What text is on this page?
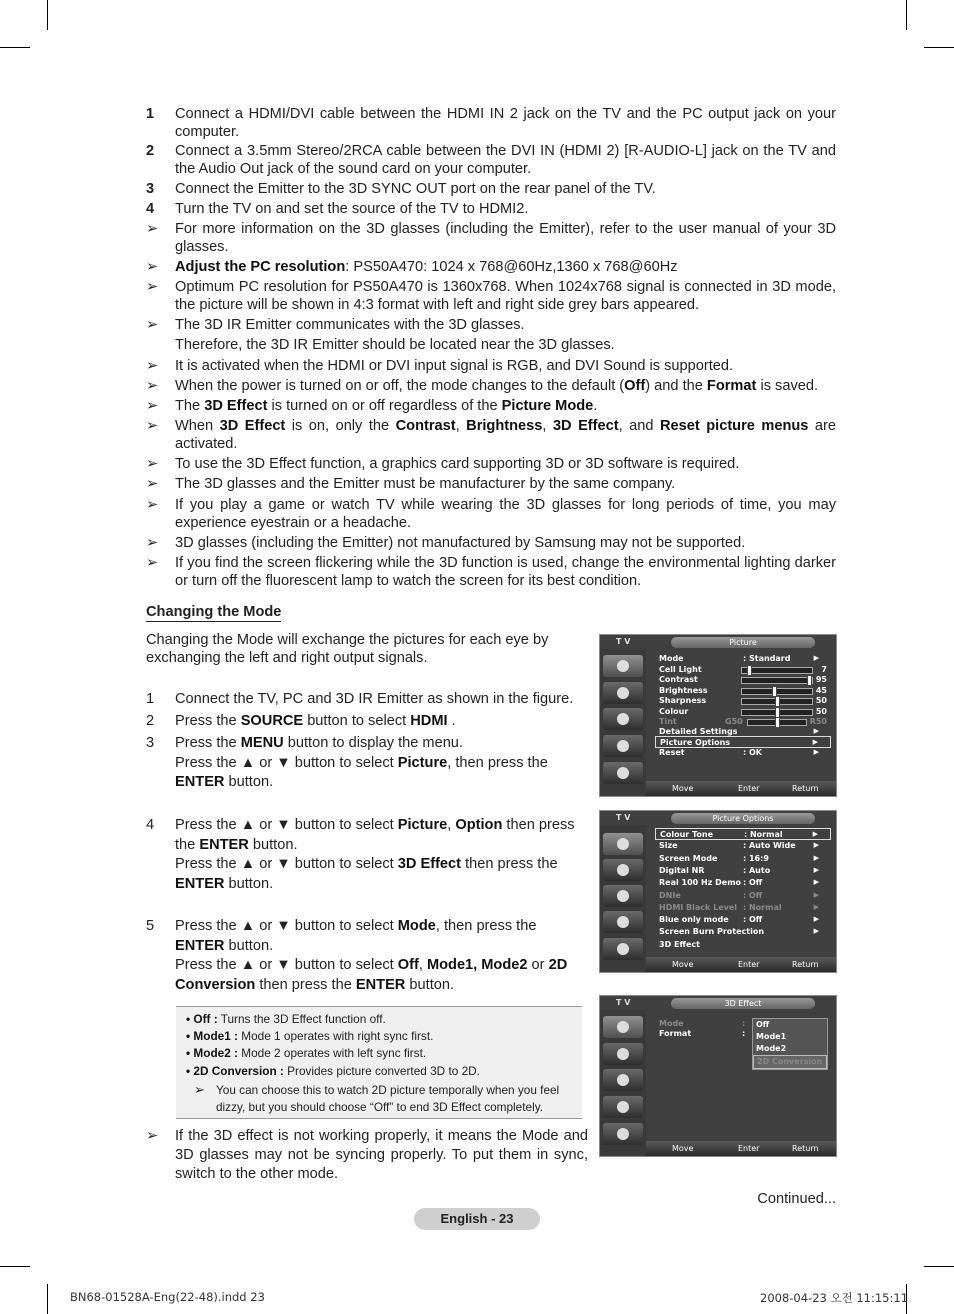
1 Connect a HDMI/DVI cable between the HDMI IN 2 jack on the TV and the PC output jack on your computer.
2 Connect a 3.5mm Stereo/2RCA cable between the DVI IN (HDMI 2) [R-AUDIO-L] jack on the TV and the Audio Out jack of the sound card on your computer.
3 Connect the Emitter to the 3D SYNC OUT port on the rear panel of the TV.
4 Turn the TV on and set the source of the TV to HDMI2.
➢ For more information on the 3D glasses (including the Emitter), refer to the user manual of your 3D glasses.
➢ Adjust the PC resolution: PS50A470: 1024 x 768@60Hz,1360 x 768@60Hz
➢ Optimum PC resolution for PS50A470 is 1360x768. When 1024x768 signal is connected in 3D mode, the picture will be shown in 4:3 format with left and right side grey bars appeared.
➢ The 3D IR Emitter communicates with the 3D glasses.
Therefore, the 3D IR Emitter should be located near the 3D glasses.
➢ It is activated when the HDMI or DVI input signal is RGB, and DVI Sound is supported.
➢ When the power is turned on or off, the mode changes to the default (Off) and the Format is saved.
➢ The 3D Effect is turned on or off regardless of the Picture Mode.
➢ When 3D Effect is on, only the Contrast, Brightness, 3D Effect, and Reset picture menus are activated.
➢ To use the 3D Effect function, a graphics card supporting 3D or 3D software is required.
➢ The 3D glasses and the Emitter must be manufacturer by the same company.
➢ If you play a game or watch TV while wearing the 3D glasses for long periods of time, you may experience eyestrain or a headache.
➢ 3D glasses (including the Emitter) not manufactured by Samsung may not be supported.
➢ If you find the screen flickering while the 3D function is used, change the environmental lighting darker or turn off the fluorescent lamp to watch the screen for its best condition.
Changing the Mode
Changing the Mode will exchange the pictures for each eye by exchanging the left and right output signals.
1 Connect the TV, PC and 3D IR Emitter as shown in the figure.
2 Press the SOURCE button to select HDMI .
3 Press the MENU button to display the menu.
Press the ▲ or ▼ button to select Picture, then press the ENTER button.
4 Press the ▲ or ▼ button to select Picture, Option then press the ENTER button.
Press the ▲ or ▼ button to select 3D Effect then press the ENTER button.
5 Press the ▲ or ▼ button to select Mode, then press the ENTER button.
Press the ▲ or ▼ button to select Off, Mode1, Mode2 or 2D Conversion then press the ENTER button.
• Off : Turns the 3D Effect function off.
• Mode1 : Mode 1 operates with right sync first.
• Mode2 : Mode 2 operates with left sync first.
• 2D Conversion : Provides picture converted 3D to 2D.
➢ You can choose this to watch 2D picture temporally when you feel dizzy, but you should choose “Off” to end 3D Effect completely.
➢ If the 3D effect is not working properly, it means the Mode and 3D glasses may not be syncing properly. To put them in sync, switch to the other mode.
T V	Picture
Mode	: Standard	▶
Cell Light	7
Contrast	95
Brightness	45
Sharpness	50
Colour	50
Tint	G50	R50
Detailed Settings	▶
Picture Options	▶
Reset	: OK	▶
Move	Enter	Return
T V	Picture Options
Colour Tone	: Normal	▶
Size	: Auto Wide	▶
Screen Mode	: 16:9	▶
Digital NR	: Auto	▶
Real 100 Hz Demo : Off	▶
DNIe	: Off	▶
HDMI Black Level : Normal	▶
Blue only mode : Off	▶
Screen Burn Protection	▶
3D Effect
Move	Enter	Return
T V	3D Effect
Mode	:
Format	:
Off
Mode1
Mode2
2D Conversion
Move	Enter	Return
Continued...
English - 23
BN68-01528A-Eng(22-48).indd 23	2008-04-23 오전 11:15:11
